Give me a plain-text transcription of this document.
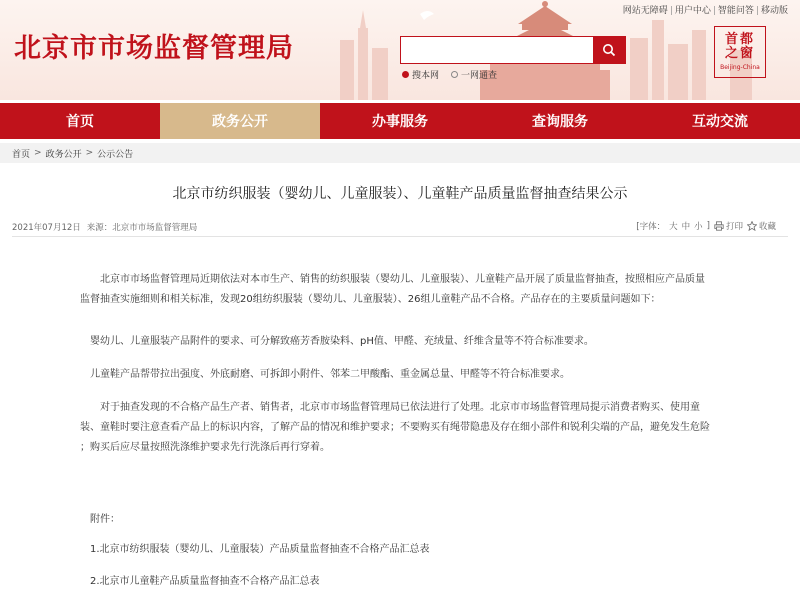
北京市市场监督管理局
网站无障碍 | 用户中心 | 智能问答 | 移动版
搜本网 一网通查
首都
之窗
Beijing-China
首页	政务公开	办事服务	查询服务	互动交流
首页 > 政务公开 > 公示公告
北京市纺织服装（婴幼儿、儿童服装）、儿童鞋产品质量监督抽查结果公示
2021年07月12日 来源：北京市市场监督管理局	[字体： 大 中 小 ] 打印 收藏
北京市市场监督管理局近期依法对本市生产、销售的纺织服装（婴幼儿、儿童服装）、儿童鞋产品开展了质量监督抽查，按照相应产品质量
监督抽查实施细则和相关标准，发现20组纺织服装（婴幼儿、儿童服装）、26组儿童鞋产品不合格。产品存在的主要质量问题如下：

婴幼儿、儿童服装产品附件的要求、可分解致癌芳香胺染料、pH值、甲醛、充绒量、纤维含量等不符合标准要求。

儿童鞋产品帮带拉出强度、外底耐磨、可拆卸小附件、邻苯二甲酸酯、重金属总量、甲醛等不符合标准要求。

对于抽查发现的不合格产品生产者、销售者，北京市市场监督管理局已依法进行了处理。北京市市场监督管理局提示消费者购买、使用童
装、童鞋时要注意查看产品上的标识内容，了解产品的情况和维护要求；不要购买有绳带隐患及存在细小部件和锐利尖端的产品，避免发生危险
；购买后应尽量按照洗涤维护要求先行洗涤后再行穿着。

附件：

1.北京市纺织服装（婴幼儿、儿童服装）产品质量监督抽查不合格产品汇总表

2.北京市儿童鞋产品质量监督抽查不合格产品汇总表
